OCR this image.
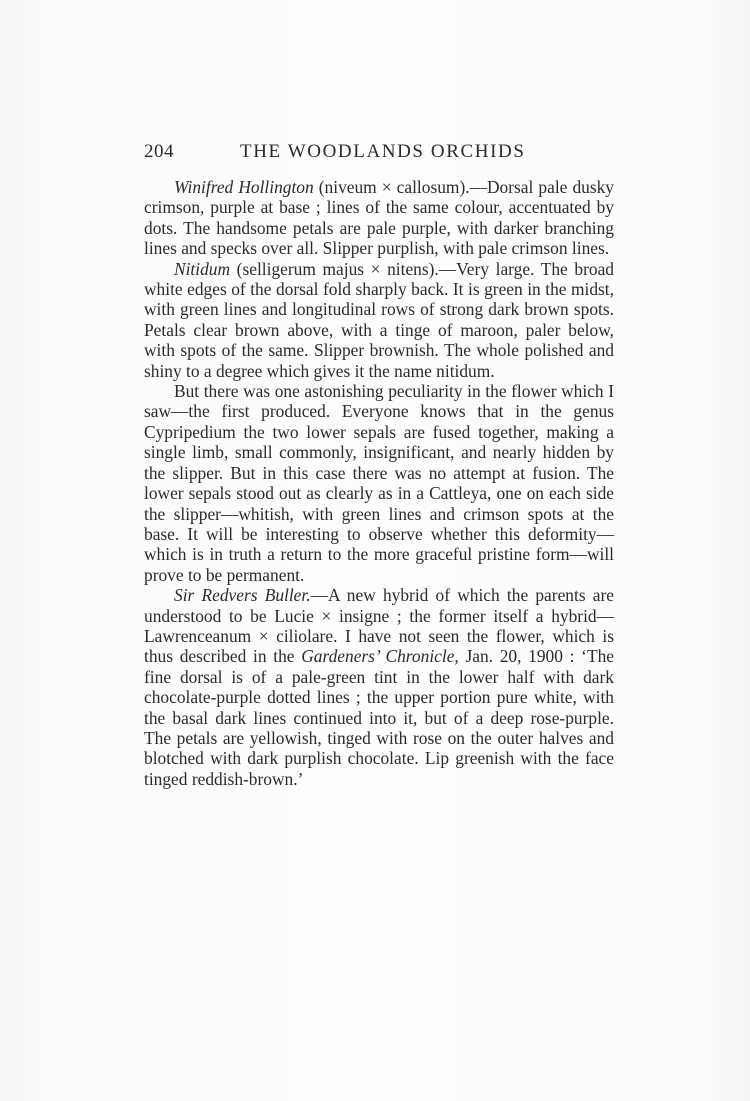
204	THE WOODLANDS ORCHIDS

Winifred Hollington (niveum × callosum).—Dorsal pale dusky crimson, purple at base ; lines of the same colour, accentuated by dots. The handsome petals are pale purple, with darker branching lines and specks over all. Slipper purplish, with pale crimson lines.

Nitidum (selligerum majus × nitens).—Very large. The broad white edges of the dorsal fold sharply back. It is green in the midst, with green lines and longitudinal rows of strong dark brown spots. Petals clear brown above, with a tinge of maroon, paler below, with spots of the same. Slipper brownish. The whole polished and shiny to a degree which gives it the name nitidum.

But there was one astonishing peculiarity in the flower which I saw—the first produced. Everyone knows that in the genus Cypripedium the two lower sepals are fused together, making a single limb, small commonly, insignificant, and nearly hidden by the slipper. But in this case there was no attempt at fusion. The lower sepals stood out as clearly as in a Cattleya, one on each side the slipper—whitish, with green lines and crimson spots at the base. It will be interesting to observe whether this deformity—which is in truth a return to the more graceful pristine form—will prove to be permanent.

Sir Redvers Buller.—A new hybrid of which the parents are understood to be Lucie × insigne ; the former itself a hybrid—Lawrenceanum × ciliolare. I have not seen the flower, which is thus described in the Gardeners’ Chronicle, Jan. 20, 1900 : ‘The fine dorsal is of a pale-green tint in the lower half with dark chocolate-purple dotted lines ; the upper portion pure white, with the basal dark lines continued into it, but of a deep rose-purple. The petals are yellowish, tinged with rose on the outer halves and blotched with dark purplish chocolate. Lip greenish with the face tinged reddish-brown.’
